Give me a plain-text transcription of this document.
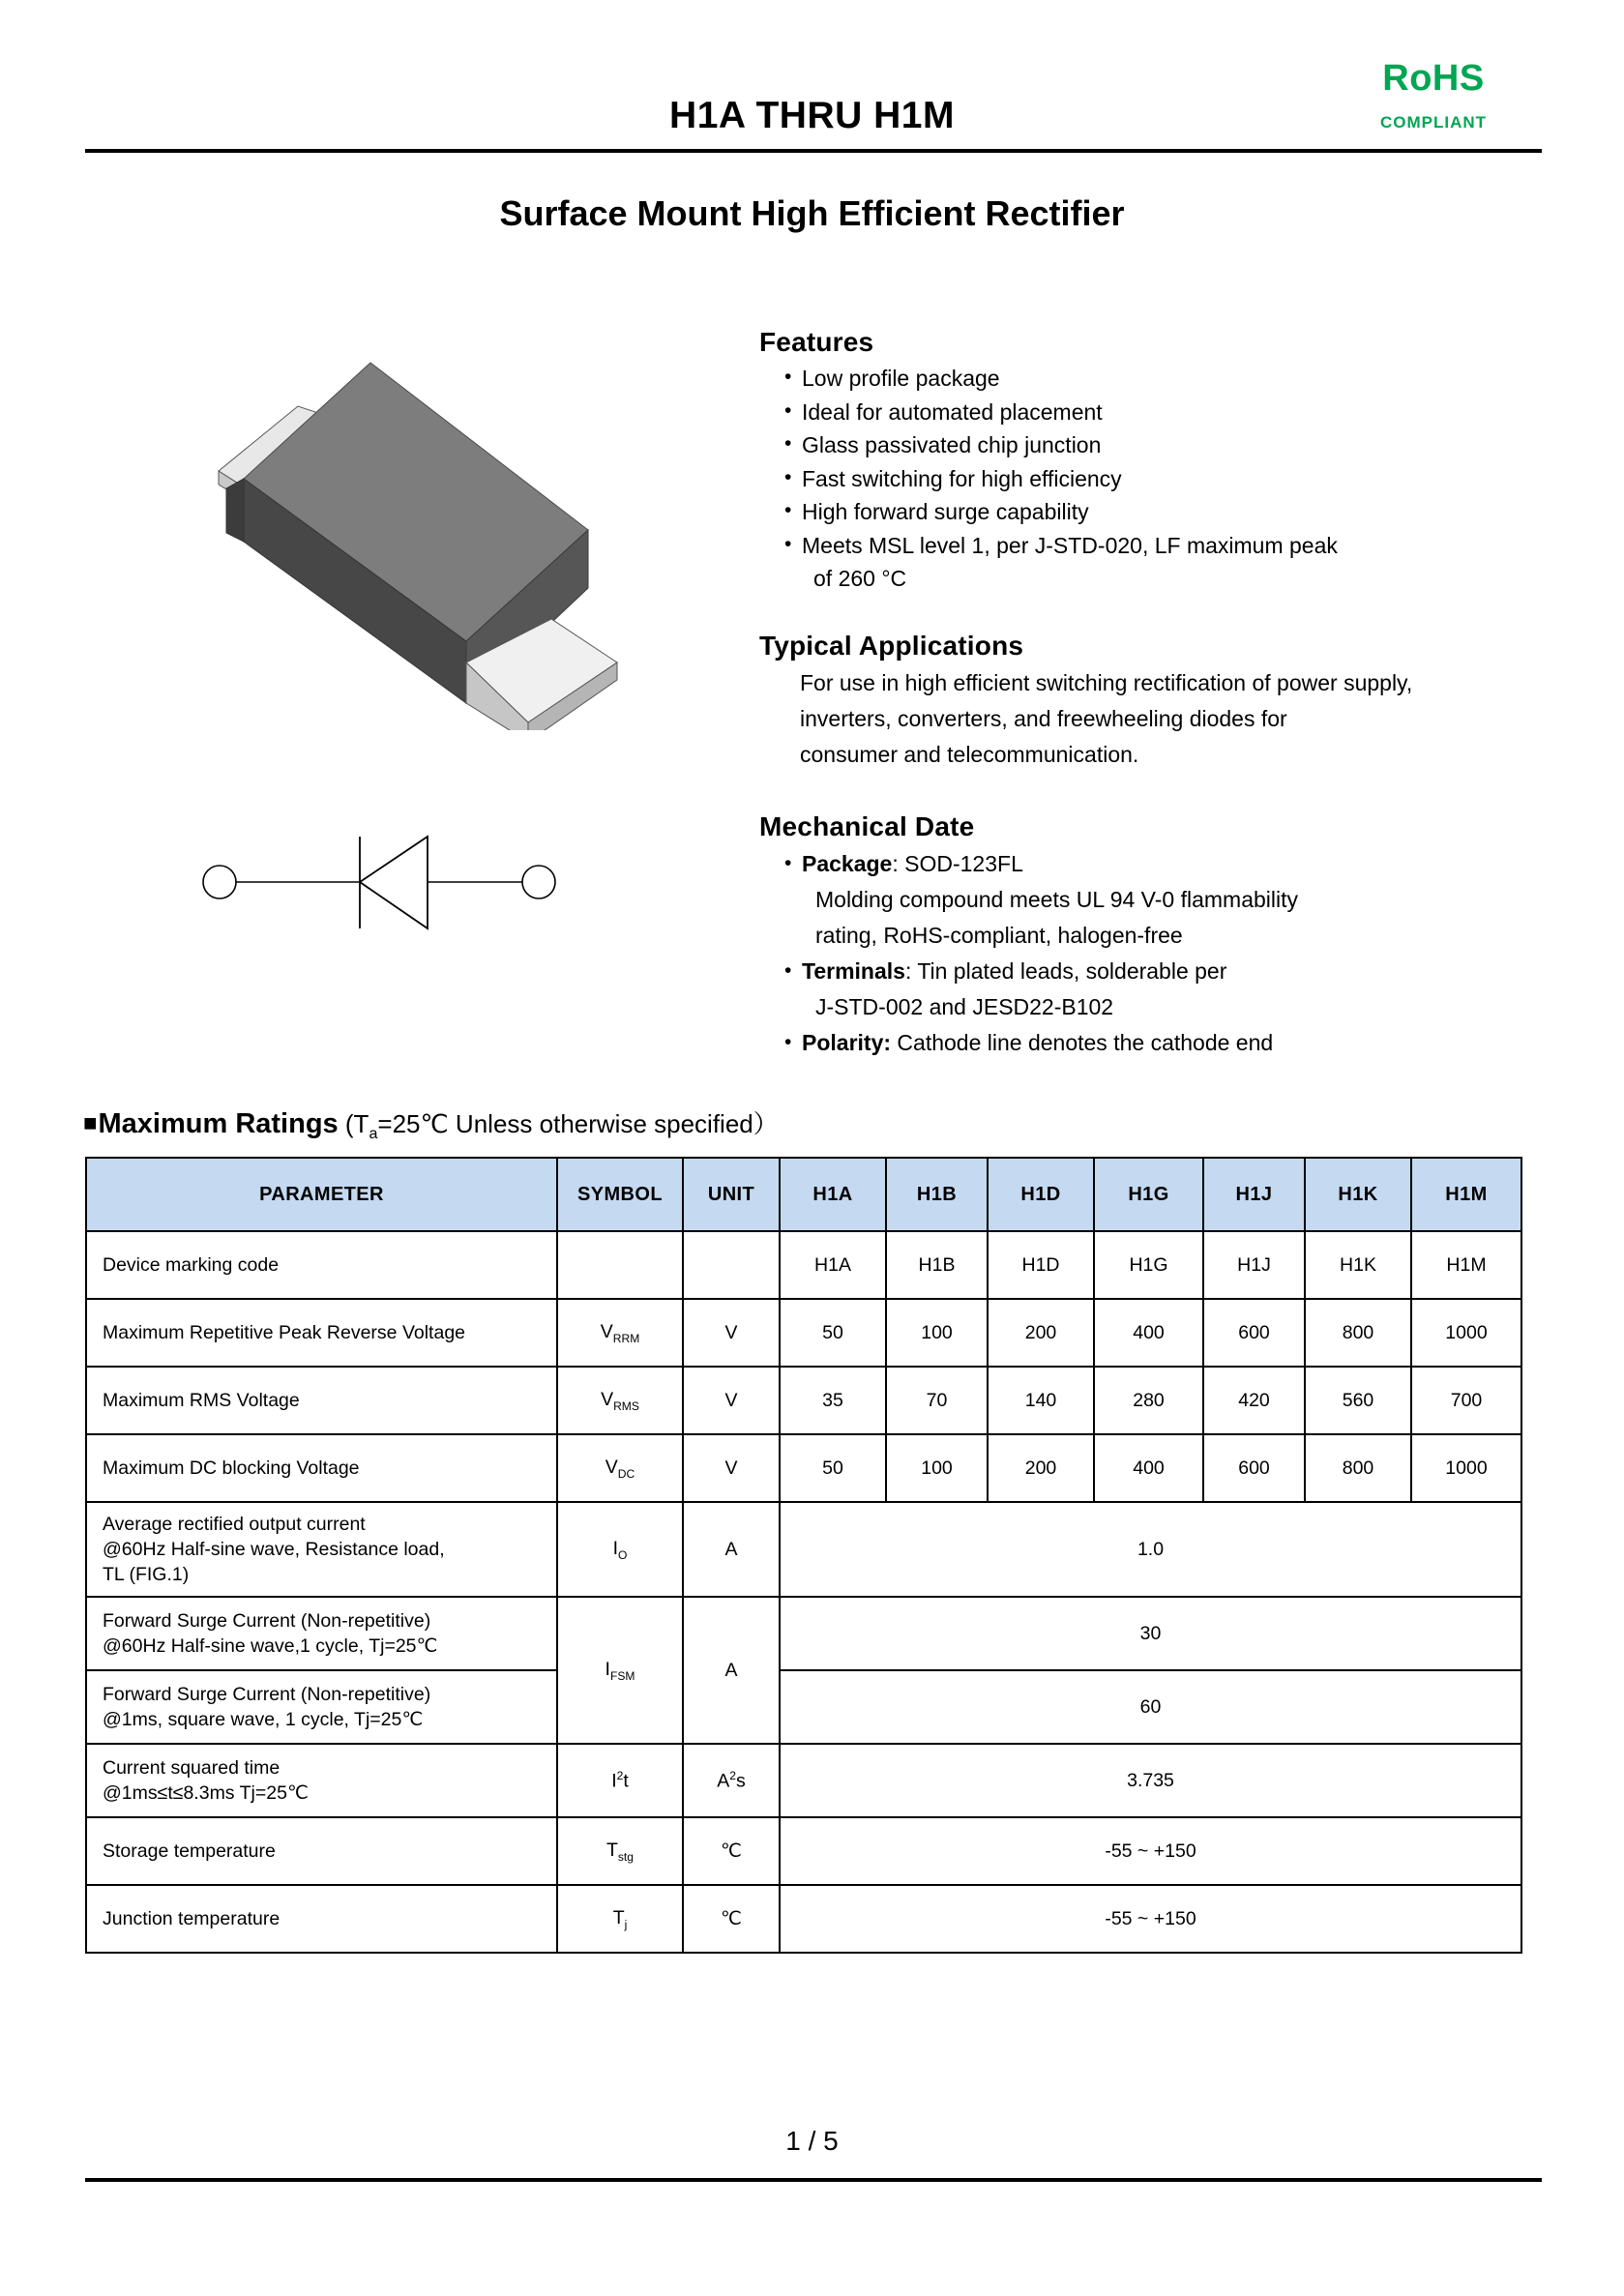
H1A THRU H1M
RoHS
COMPLIANT
Surface Mount High Efficient Rectifier
Features
• Low profile package
• Ideal for automated placement
• Glass passivated chip junction
• Fast switching for high efficiency
• High forward surge capability
• Meets MSL level 1, per J-STD-020, LF maximum peak
of 260 °C
Typical Applications

For use in high efficient switching rectification of power supply,

inverters, converters, and freewheeling diodes for

consumer and telecommunication.

Mechanical Date
• Package: SOD-123FL
Molding compound meets UL 94 V-0 flammability
rating, RoHS-compliant, halogen-free
• Terminals: Tin plated leads, solderable per
J-STD-002 and JESD22-B102
• Polarity: Cathode line denotes the cathode end
■Maximum Ratings ($T_a=25℃$ Unless otherwise specified）
PARAMETER	SYMBOL	UNIT	H1A	H1B	H1D	H1G	H1J	H1K	H1M
Device marking code			H1A	H1B	H1D	H1G	H1J	H1K	H1M
Maximum Repetitive Peak Reverse Voltage	$V_{RRM}$	V	50	100	200	400	600	800	1000
Maximum RMS Voltage	$V_{RMS}$	V	35	70	140	280	420	560	700
Maximum DC blocking Voltage	$V_{DC}$	V	50	100	200	400	600	800	1000

Average rectified output current
@60Hz Half-sine wave, Resistance load,
TL (FIG.1)	$I_O$	A	1.0						

Forward Surge Current (Non-repetitive)
@60Hz Half-sine wave,1 cycle, Tj=25℃	$I_{FSM}$	A	30						

Forward Surge Current (Non-repetitive)
@1ms, square wave, 1 cycle, Tj=25℃			60						

Current squared time
@1ms≤t≤8.3ms Tj=25℃	$I^2t$	$A^2s$	3.735						
Storage temperature	$T_{stg}$	℃	-55 ~ +150						
Junction temperature	$T_j$	℃	-55 ~ +150						
1 / 5
